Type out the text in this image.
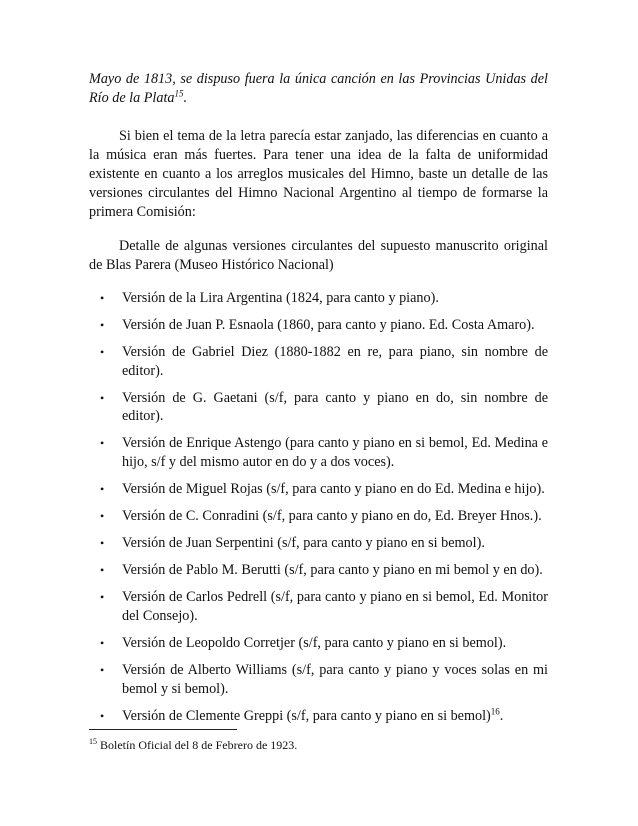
Mayo de 1813, se dispuso fuera la única canción en las Provincias Unidas del Río de la Plata$^{15}$.

Si bien el tema de la letra parecía estar zanjado, las diferencias en cuanto a la música eran más fuertes. Para tener una idea de la falta de uniformidad existente en cuanto a los arreglos musicales del Himno, baste un detalle de las versiones circulantes del Himno Nacional Argentino al tiempo de formarse la primera Comisión:

Detalle de algunas versiones circulantes del supuesto manuscrito original de Blas Parera (Museo Histórico Nacional)

• Versión de la Lira Argentina (1824, para canto y piano).
• Versión de Juan P. Esnaola (1860, para canto y piano. Ed. Costa Amaro).
• Versión de Gabriel Diez (1880-1882 en re, para piano, sin nombre de editor).
• Versión de G. Gaetani (s/f, para canto y piano en do, sin nombre de editor).
• Versión de Enrique Astengo (para canto y piano en si bemol, Ed. Medina e hijo, s/f y del mismo autor en do y a dos voces).
• Versión de Miguel Rojas (s/f, para canto y piano en do Ed. Medina e hijo).
• Versión de C. Conradini (s/f, para canto y piano en do, Ed. Breyer Hnos.).
• Versión de Juan Serpentini (s/f, para canto y piano en si bemol).
• Versión de Pablo M. Berutti (s/f, para canto y piano en mi bemol y en do).
• Versión de Carlos Pedrell (s/f, para canto y piano en si bemol, Ed. Monitor del Consejo).
• Versión de Leopoldo Corretjer (s/f, para canto y piano en si bemol).
• Versión de Alberto Williams (s/f, para canto y piano y voces solas en mi bemol y si bemol).
• Versión de Clemente Greppi (s/f, para canto y piano en si bemol)$^{16}$.
$^{15}$ Boletín Oficial del 8 de Febrero de 1923.
